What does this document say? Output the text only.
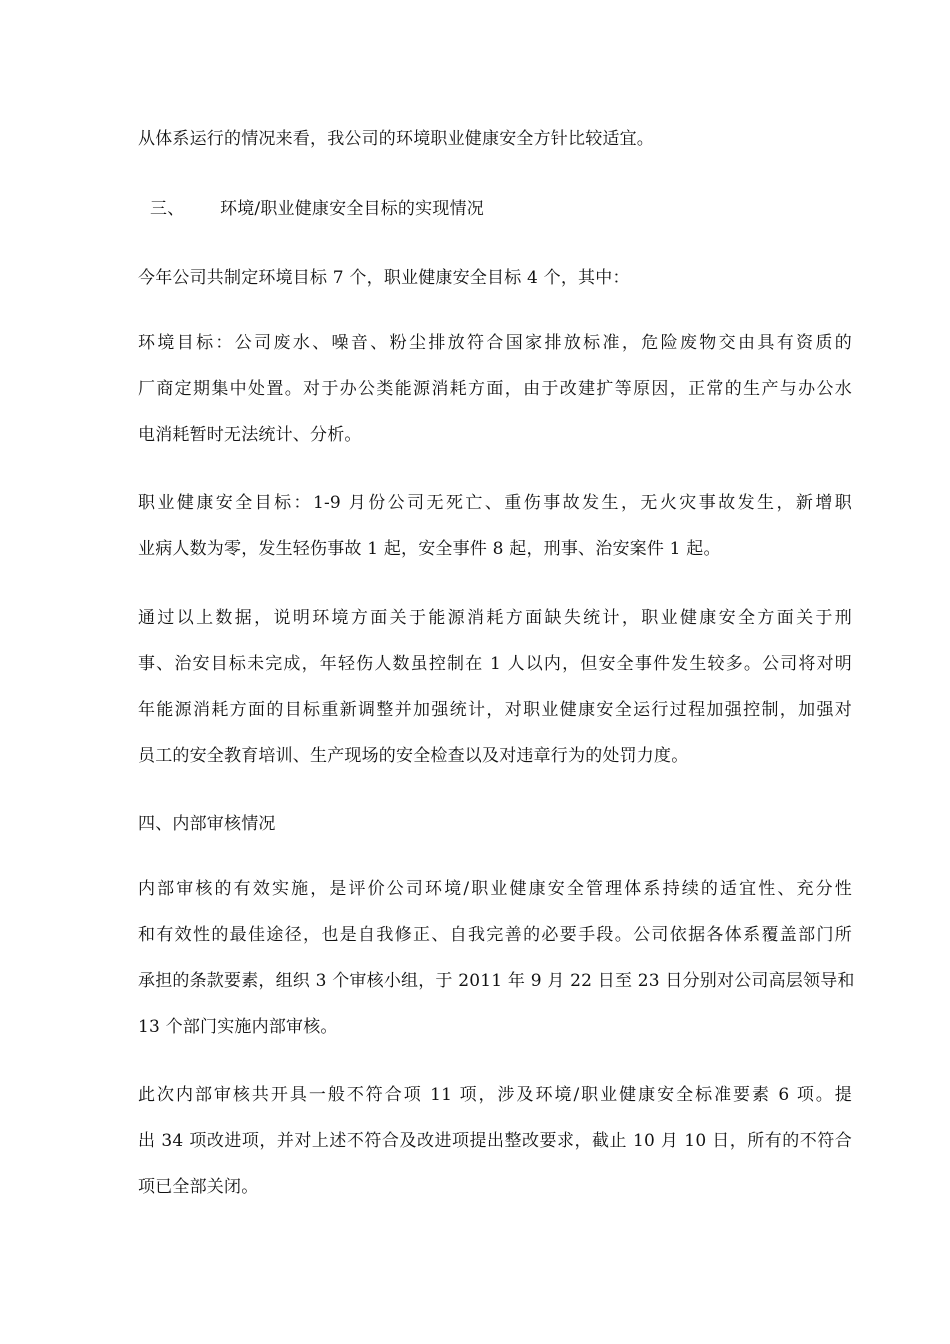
从体系运行的情况来看，我公司的环境职业健康安全方针比较适宜。
三、 环境/职业健康安全目标的实现情况
今年公司共制定环境目标 7 个，职业健康安全目标 4 个，其中：
环境目标：公司废水、噪音、粉尘排放符合国家排放标准，危险废物交由具有资质的
厂商定期集中处置。对于办公类能源消耗方面，由于改建扩等原因，正常的生产与办公水
电消耗暂时无法统计、分析。
职业健康安全目标：1-9 月份公司无死亡、重伤事故发生，无火灾事故发生，新增职
业病人数为零，发生轻伤事故 1 起，安全事件 8 起，刑事、治安案件 1 起。
通过以上数据，说明环境方面关于能源消耗方面缺失统计，职业健康安全方面关于刑
事、治安目标未完成，年轻伤人数虽控制在 1 人以内，但安全事件发生较多。公司将对明
年能源消耗方面的目标重新调整并加强统计，对职业健康安全运行过程加强控制，加强对
员工的安全教育培训、生产现场的安全检查以及对违章行为的处罚力度。
四、内部审核情况
内部审核的有效实施，是评价公司环境/职业健康安全管理体系持续的适宜性、充分性
和有效性的最佳途径，也是自我修正、自我完善的必要手段。公司依据各体系覆盖部门所
承担的条款要素，组织 3 个审核小组，于 2011 年 9 月 22 日至 23 日分别对公司高层领导和
13 个部门实施内部审核。
此次内部审核共开具一般不符合项 11 项，涉及环境/职业健康安全标准要素 6 项。提
出 34 项改进项，并对上述不符合及改进项提出整改要求，截止 10 月 10 日，所有的不符合
项已全部关闭。
